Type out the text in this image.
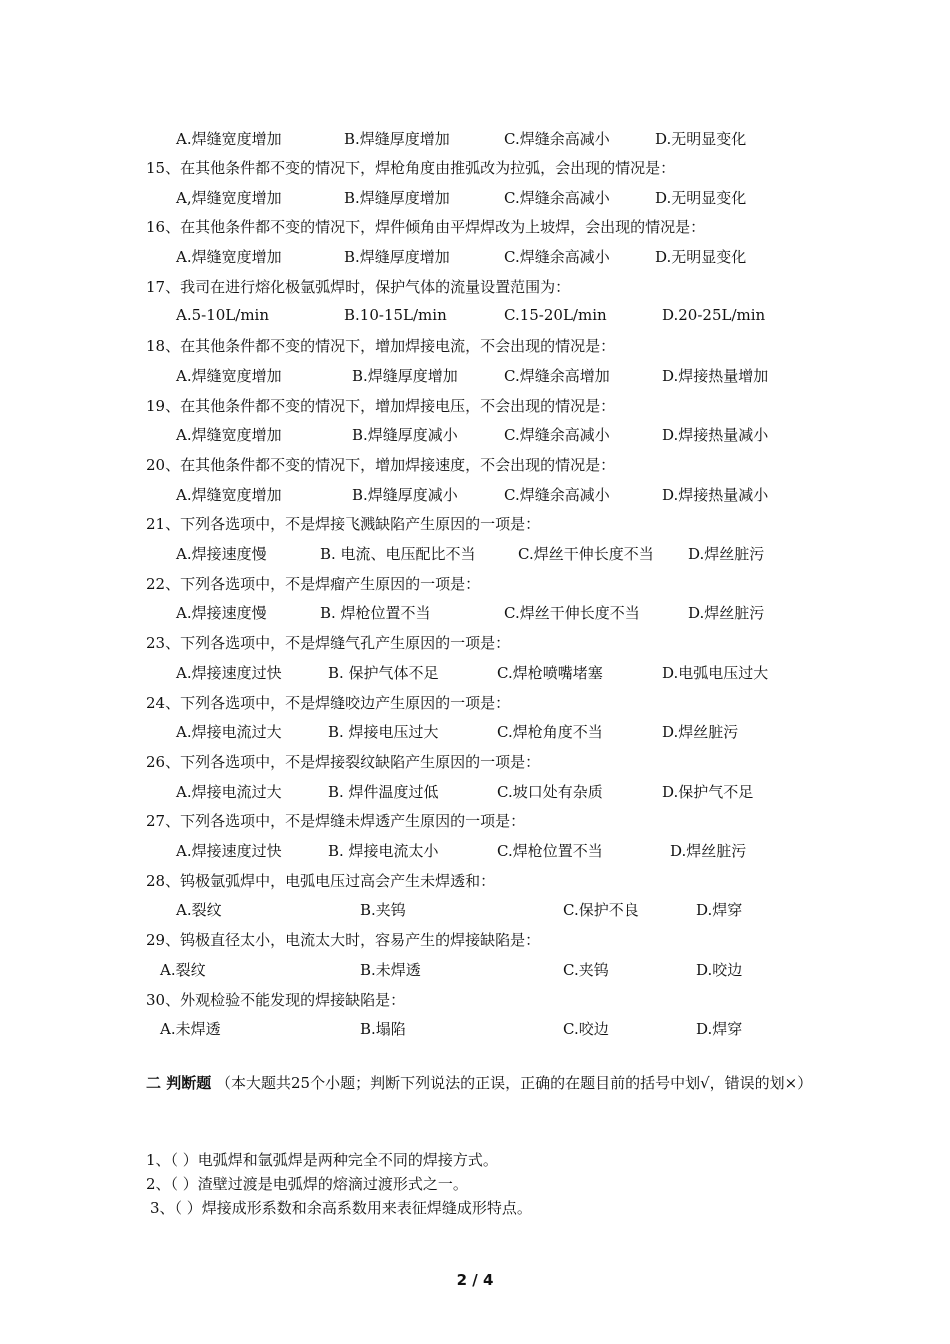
A.焊缝宽度增加	B.焊缝厚度增加	C.焊缝余高减小	D.无明显变化
15、在其他条件都不变的情况下，焊枪角度由推弧改为拉弧，会出现的情况是：
A,焊缝宽度增加	B.焊缝厚度增加	C.焊缝余高减小	D.无明显变化
16、在其他条件都不变的情况下，焊件倾角由平焊焊改为上坡焊，会出现的情况是：
A.焊缝宽度增加	B.焊缝厚度增加	C.焊缝余高减小	D.无明显变化
17、我司在进行熔化极氩弧焊时，保护气体的流量设置范围为：
A.5-10L/min	B.10-15L/min	C.15-20L/min	D.20-25L/min
18、在其他条件都不变的情况下，增加焊接电流，不会出现的情况是：
A.焊缝宽度增加	B.焊缝厚度增加	C.焊缝余高增加	D.焊接热量增加
19、在其他条件都不变的情况下，增加焊接电压，不会出现的情况是：
A.焊缝宽度增加	B.焊缝厚度减小	C.焊缝余高减小	D.焊接热量减小
20、在其他条件都不变的情况下，增加焊接速度，不会出现的情况是：
A.焊缝宽度增加	B.焊缝厚度减小	C.焊缝余高减小	D.焊接热量减小
21、下列各选项中，不是焊接飞溅缺陷产生原因的一项是：
A.焊接速度慢	B. 电流、电压配比不当	C.焊丝干伸长度不当 D.焊丝脏污
22、下列各选项中，不是焊瘤产生原因的一项是：
A.焊接速度慢	B. 焊枪位置不当	C.焊丝干伸长度不当	D.焊丝脏污
23、下列各选项中，不是焊缝气孔产生原因的一项是：
A.焊接速度过快	B. 保护气体不足	C.焊枪喷嘴堵塞	D.电弧电压过大
24、下列各选项中，不是焊缝咬边产生原因的一项是：
A.焊接电流过大	B. 焊接电压过大	C.焊枪角度不当	D.焊丝脏污
26、下列各选项中，不是焊接裂纹缺陷产生原因的一项是：
A.焊接电流过大	B. 焊件温度过低	C.坡口处有杂质	D.保护气不足
27、下列各选项中，不是焊缝未焊透产生原因的一项是：
A.焊接速度过快	B. 焊接电流太小	C.焊枪位置不当	D.焊丝脏污
28、钨极氩弧焊中，电弧电压过高会产生未焊透和：
A.裂纹	B.夹钨	C.保护不良	D.焊穿
29、钨极直径太小，电流太大时，容易产生的焊接缺陷是：
A.裂纹	B.未焊透	C.夹钨	D.咬边
30、外观检验不能发现的焊接缺陷是：
A.未焊透	B.塌陷	C.咬边	D.焊穿
二 判断题 （本大题共25个小题；判断下列说法的正误，正确的在题目前的括号中划√，错误的划×）
1、（ ）电弧焊和氩弧焊是两种完全不同的焊接方式。
2、（ ）渣壁过渡是电弧焊的熔滴过渡形式之一。
3、（ ）焊接成形系数和余高系数用来表征焊缝成形特点。
2 / 4
